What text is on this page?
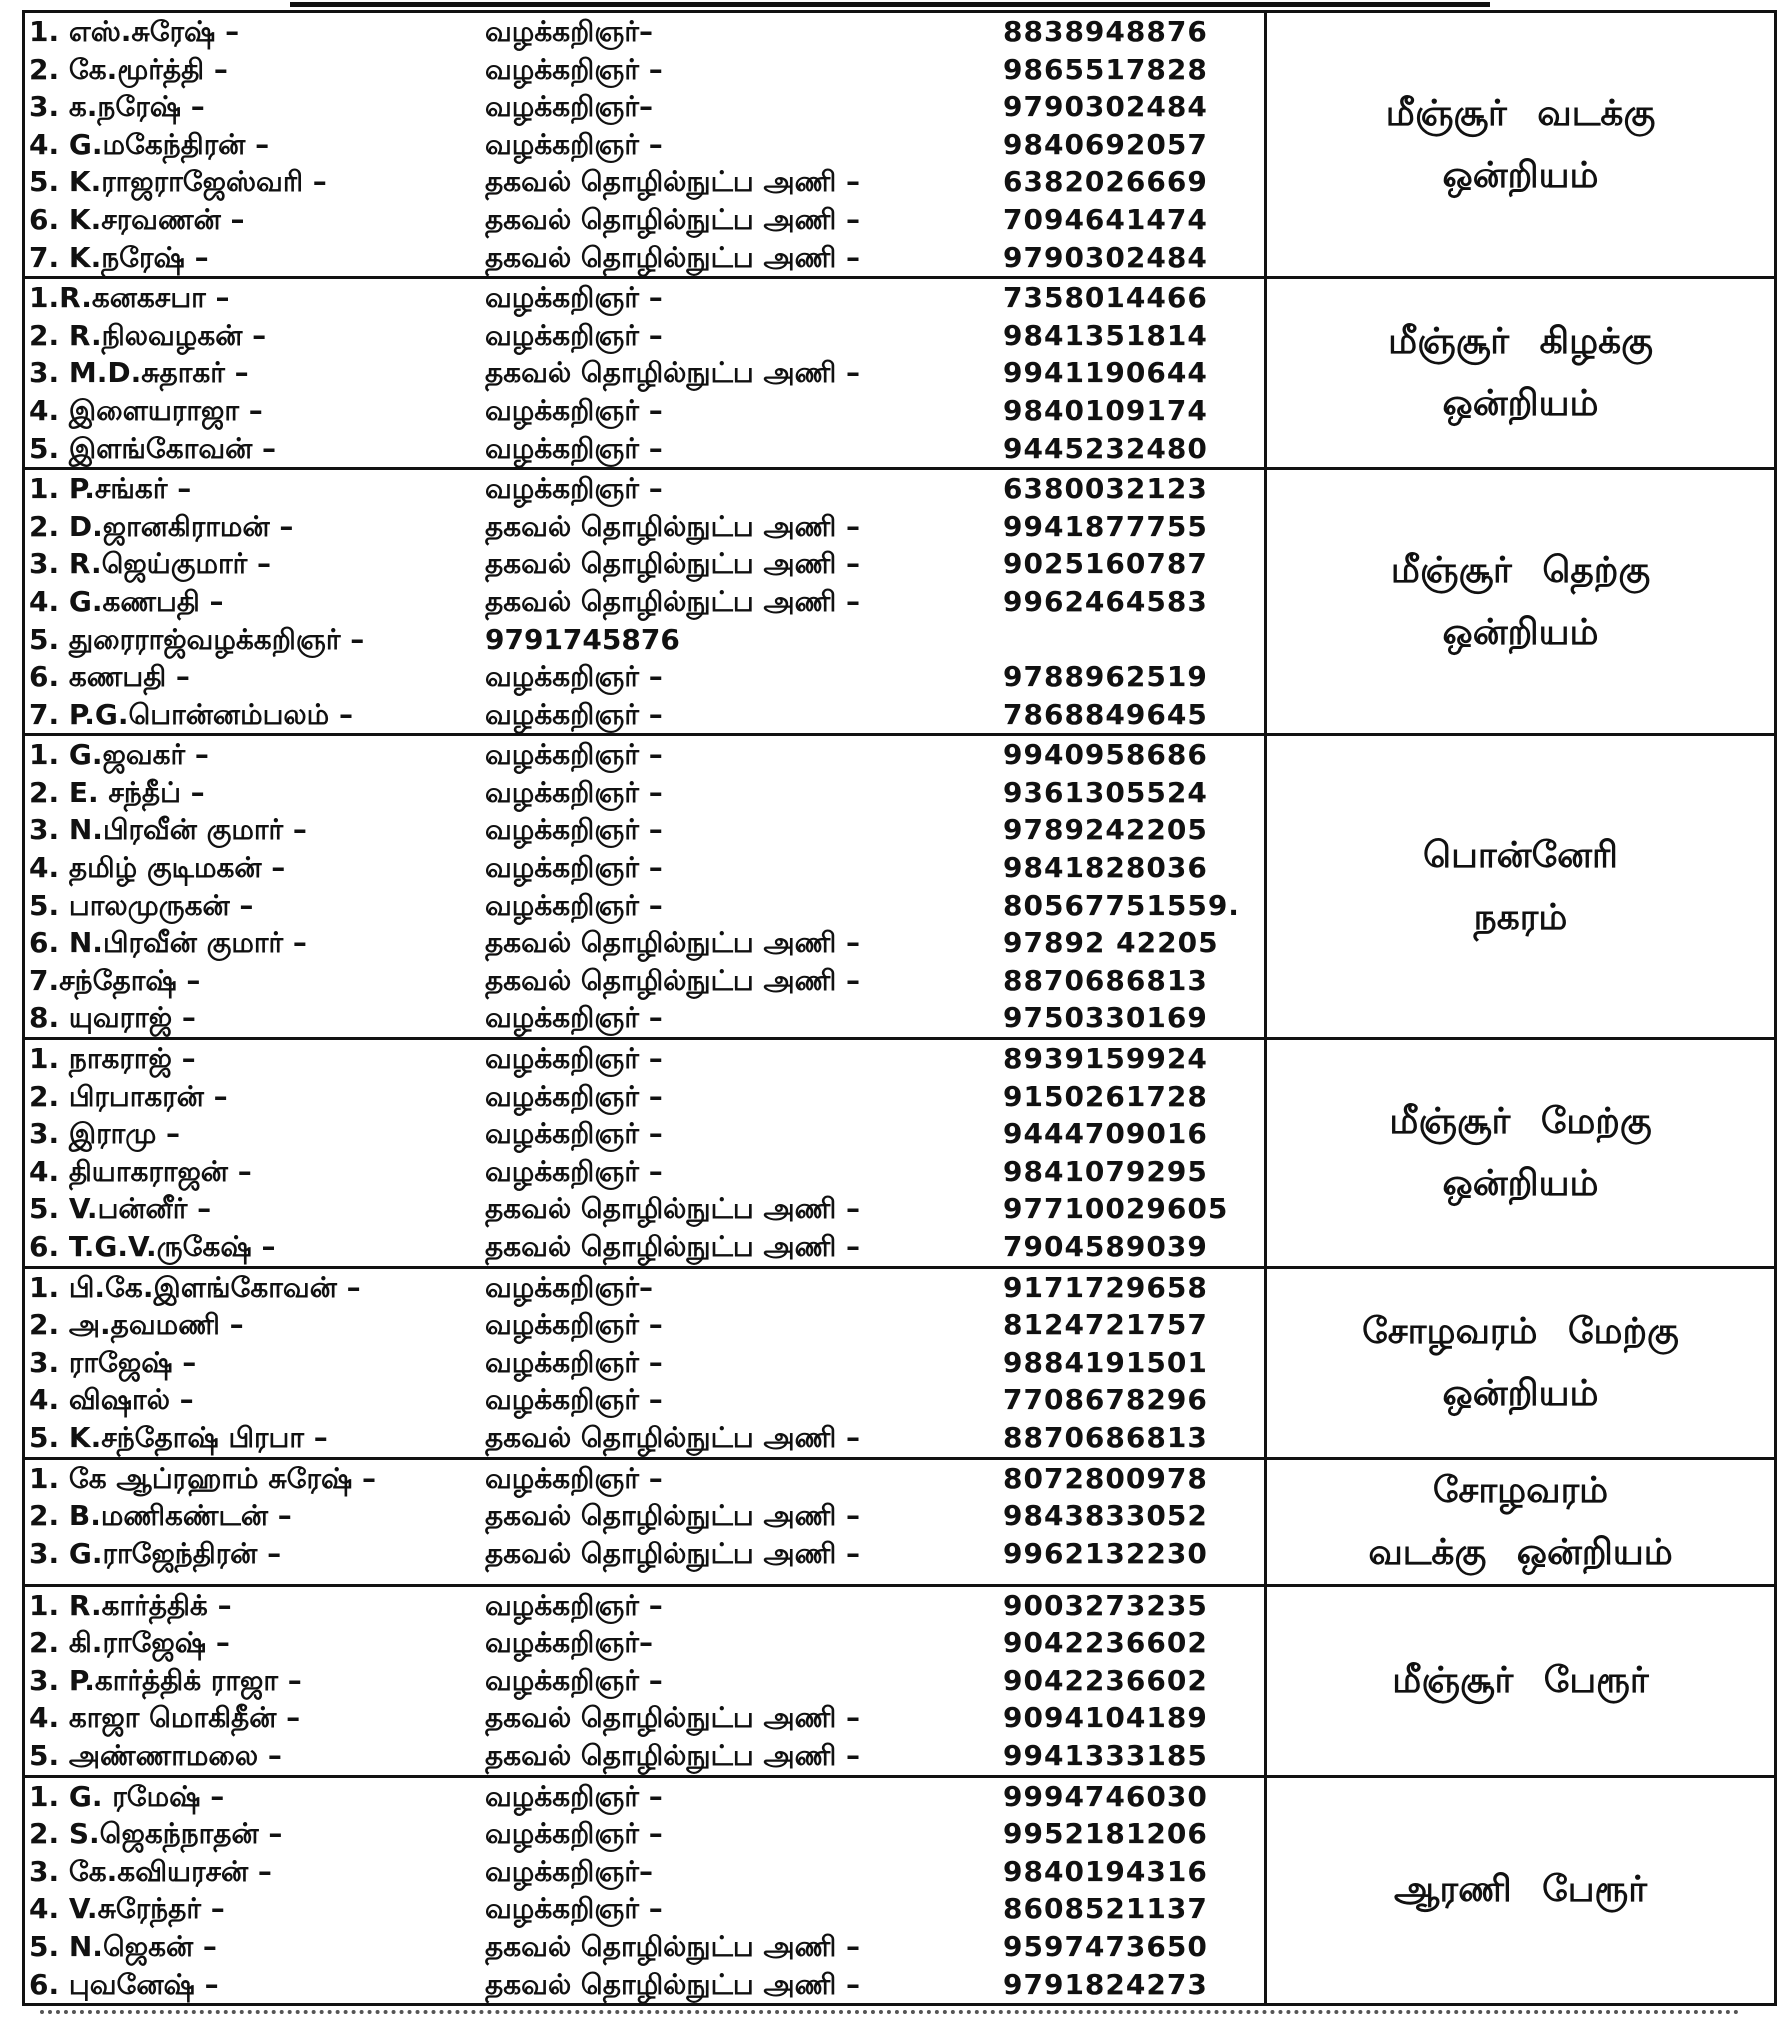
1. எஸ்.சுரேஷ் –	வழக்கறிஞர்–	8838948876
2. கே.மூர்த்தி –	வழக்கறிஞர் –	9865517828
3. க.நரேஷ் –	வழக்கறிஞர்–	9790302484
4. G.மகேந்திரன் –	வழக்கறிஞர் –	9840692057
5. K.ராஜராஜேஸ்வரி –	தகவல் தொழில்நுட்ப அணி –	6382026669
6. K.சரவணன் –	தகவல் தொழில்நுட்ப அணி –	7094641474
7. K.நரேஷ் –	தகவல் தொழில்நுட்ப அணி –	9790302484
மீஞ்சூர் வடக்கு
ஒன்றியம்
1.R.கனகசபா –	வழக்கறிஞர் –	7358014466
2. R.நிலவழகன் –	வழக்கறிஞர் –	9841351814
3. M.D.சுதாகர் –	தகவல் தொழில்நுட்ப அணி –	9941190644
4. இளையராஜா –	வழக்கறிஞர் –	9840109174
5. இளங்கோவன் –	வழக்கறிஞர் –	9445232480
மீஞ்சூர் கிழக்கு
ஒன்றியம்
1. P.சங்கர் –	வழக்கறிஞர் –	6380032123
2. D.ஜானகிராமன் –	தகவல் தொழில்நுட்ப அணி –	9941877755
3. R.ஜெய்குமார் –	தகவல் தொழில்நுட்ப அணி –	9025160787
4. G.கணபதி –	தகவல் தொழில்நுட்ப அணி –	9962464583
5. துரைராஜ்வழக்கறிஞர் –	9791745876
6. கணபதி –	வழக்கறிஞர் –	9788962519
7. P.G.பொன்னம்பலம் –	வழக்கறிஞர் –	7868849645
மீஞ்சூர் தெற்கு
ஒன்றியம்
1. G.ஜவகர் –	வழக்கறிஞர் –	9940958686
2. E. சந்தீப் –	வழக்கறிஞர் –	9361305524
3. N.பிரவீன் குமார் –	வழக்கறிஞர் –	9789242205
4. தமிழ் குடிமகன் –	வழக்கறிஞர் –	9841828036
5. பாலமுருகன் –	வழக்கறிஞர் –	80567751559.
6. N.பிரவீன் குமார் –	தகவல் தொழில்நுட்ப அணி –	97892 42205
7.சந்தோஷ் –	தகவல் தொழில்நுட்ப அணி –	8870686813
8. யுவராஜ் –	வழக்கறிஞர் –	9750330169
பொன்னேரி
நகரம்
1. நாகராஜ் –	வழக்கறிஞர் –	8939159924
2. பிரபாகரன் –	வழக்கறிஞர் –	9150261728
3. இராமு –	வழக்கறிஞர் –	9444709016
4. தியாகராஜன் –	வழக்கறிஞர் –	9841079295
5. V.பன்னீர் –	தகவல் தொழில்நுட்ப அணி –	97710029605
6. T.G.V.ருகேஷ் –	தகவல் தொழில்நுட்ப அணி –	7904589039
மீஞ்சூர் மேற்கு
ஒன்றியம்
1. பி.கே.இளங்கோவன் –	வழக்கறிஞர்–	9171729658
2. அ.தவமணி –	வழக்கறிஞர் –	8124721757
3. ராஜேஷ் –	வழக்கறிஞர் –	9884191501
4. விஷால் –	வழக்கறிஞர் –	7708678296
5. K.சந்தோஷ் பிரபா –	தகவல் தொழில்நுட்ப அணி –	8870686813
சோழவரம் மேற்கு
ஒன்றியம்
1. கே ஆப்ரஹாம் சுரேஷ் –	வழக்கறிஞர் –	8072800978
2. B.மணிகண்டன் –	தகவல் தொழில்நுட்ப அணி –	9843833052
3. G.ராஜேந்திரன் –	தகவல் தொழில்நுட்ப அணி –	9962132230
சோழவரம்
வடக்கு ஒன்றியம்
1. R.கார்த்திக் –	வழக்கறிஞர் –	9003273235
2. கி.ராஜேஷ் –	வழக்கறிஞர்–	9042236602
3. P.கார்த்திக் ராஜா –	வழக்கறிஞர் –	9042236602
4. காஜா மொகிதீன் –	தகவல் தொழில்நுட்ப அணி –	9094104189
5. அண்ணாமலை –	தகவல் தொழில்நுட்ப அணி –	9941333185
மீஞ்சூர் பேரூர்
1. G. ரமேஷ் –	வழக்கறிஞர் –	9994746030
2. S.ஜெகந்நாதன் –	வழக்கறிஞர் –	9952181206
3. கே.கவியரசன் –	வழக்கறிஞர்–	9840194316
4. V.சுரேந்தர் –	வழக்கறிஞர் –	8608521137
5. N.ஜெகன் –	தகவல் தொழில்நுட்ப அணி –	9597473650
6. புவனேஷ் –	தகவல் தொழில்நுட்ப அணி –	9791824273
ஆரணி பேரூர்
